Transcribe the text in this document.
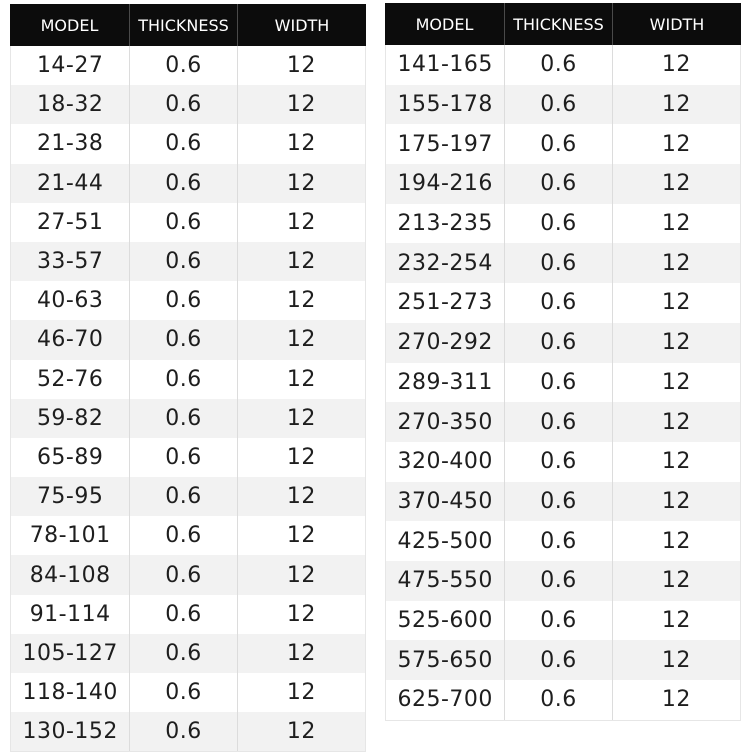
MODEL	THICKNESS	WIDTH
14-27	0.6	12
18-32	0.6	12
21-38	0.6	12
21-44	0.6	12
27-51	0.6	12
33-57	0.6	12
40-63	0.6	12
46-70	0.6	12
52-76	0.6	12
59-82	0.6	12
65-89	0.6	12
75-95	0.6	12
78-101	0.6	12
84-108	0.6	12
91-114	0.6	12
105-127	0.6	12
118-140	0.6	12
130-152	0.6	12
MODEL	THICKNESS	WIDTH
141-165	0.6	12
155-178	0.6	12
175-197	0.6	12
194-216	0.6	12
213-235	0.6	12
232-254	0.6	12
251-273	0.6	12
270-292	0.6	12
289-311	0.6	12
270-350	0.6	12
320-400	0.6	12
370-450	0.6	12
425-500	0.6	12
475-550	0.6	12
525-600	0.6	12
575-650	0.6	12
625-700	0.6	12
